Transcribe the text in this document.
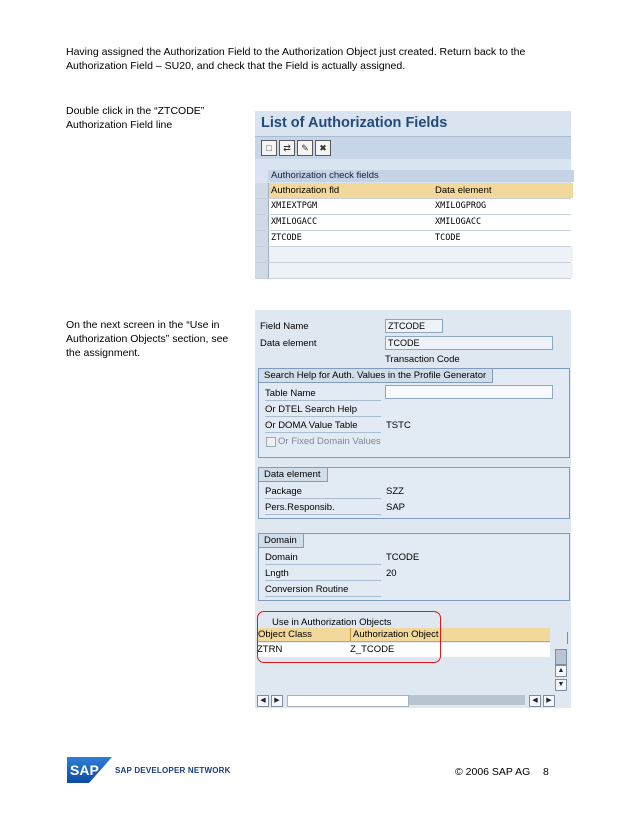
Having assigned the Authorization Field to the Authorization Object just created. Return back to the
Authorization Field – SU20, and check that the Field is actually assigned.
Double click in the “ZTCODE”
Authorization Field line
On the next screen in the “Use in
Authorization Objects” section, see
the assignment.
List of Authorization Fields
□	⇄	✎	✖
Authorization check fields
Authorization fld	Data element
XMIEXTPGM	XMILOGPROG
XMILOGACC	XMILOGACC
ZTCODE	TCODE
Field Name	ZTCODE
Data element	TCODE
Transaction Code
Search Help for Auth. Values in the Profile Generator
Table Name
Or DTEL Search Help
Or DOMA Value Table	TSTC
Or Fixed Domain Values
Data element
Package	SZZ
Pers.Responsib.	SAP
Domain
Domain	TCODE
Lngth	20
Conversion Routine
Use in Authorization Objects
Object Class	Authorization Object
ZTRN	Z_TCODE
▲
▼
◀	▶	◀	▶
SAP SAP DEVELOPER NETWORK	© 2006 SAP AG 8
